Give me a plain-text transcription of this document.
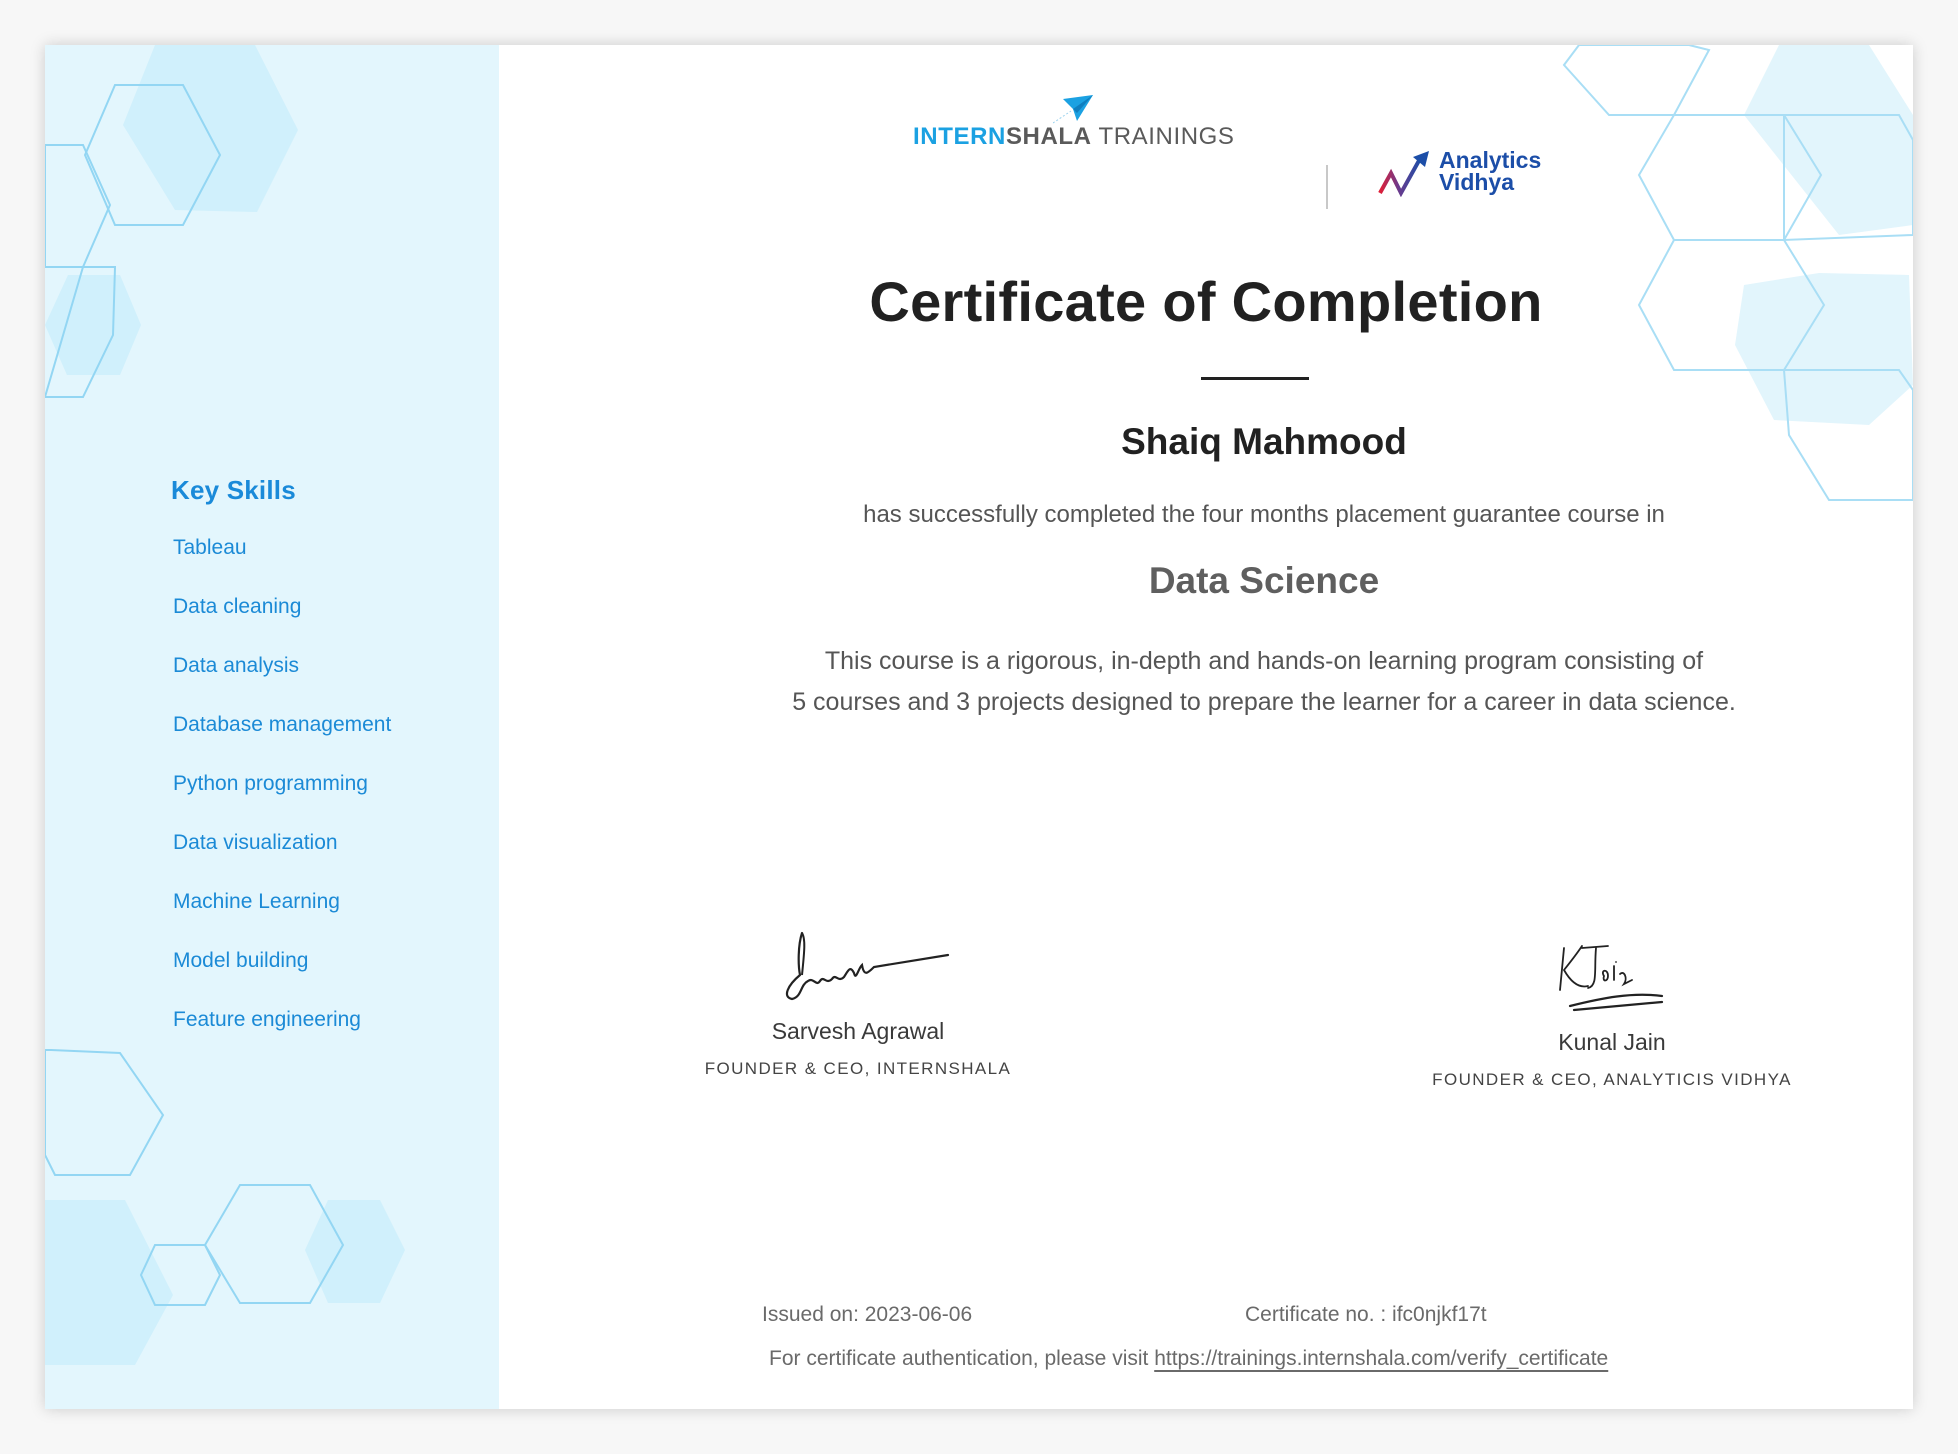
Key Skills
Tableau
Data cleaning
Data analysis
Database management
Python programming
Data visualization
Machine Learning
Model building
Feature engineering
INTERNSHALA TRAININGS
Analytics
Vidhya
Certificate of Completion
Shaiq Mahmood
has successfully completed the four months placement guarantee course in
Data Science
This course is a rigorous, in-depth and hands-on learning program consisting of
5 courses and 3 projects designed to prepare the learner for a career in data science.
Sarvesh Agrawal
FOUNDER & CEO, INTERNSHALA
Kunal Jain
FOUNDER & CEO, ANALYTICIS VIDHYA
Issued on: 2023-06-06	Certificate no. : ifc0njkf17t
For certificate authentication, please visit https://trainings.internshala.com/verify_certificate
